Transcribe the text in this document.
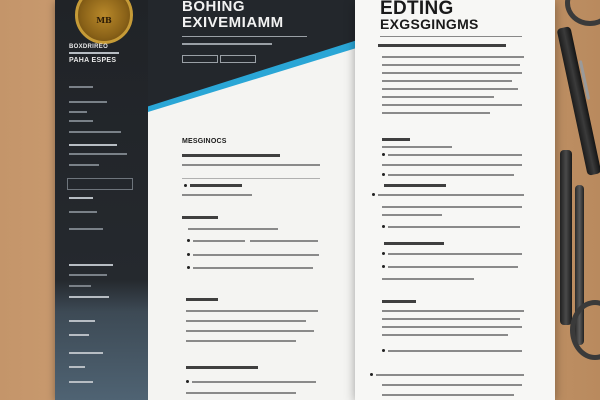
MB
BOXDRIREO
PAHA ESPES
BOHING
EXIVEMIAMM
MESGINOCS
EDTING
EXGSGINGMS
